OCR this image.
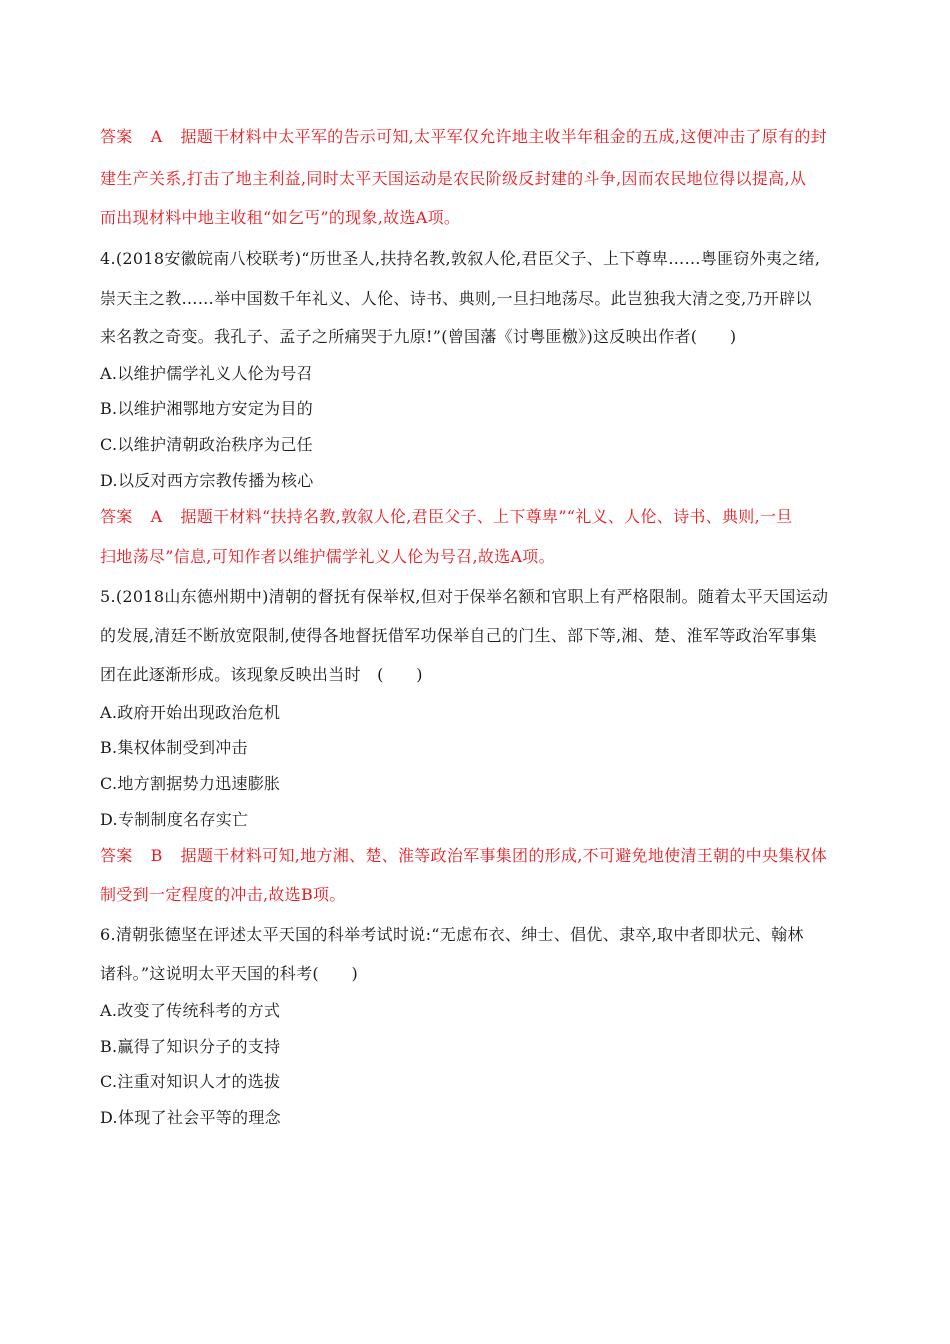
答案 A 据题干材料中太平军的告示可知,太平军仅允许地主收半年租金的五成,这便冲击了原有的封
建生产关系,打击了地主利益,同时太平天国运动是农民阶级反封建的斗争,因而农民地位得以提高,从
而出现材料中地主收租“如乞丐”的现象,故选A项。
4.(2018安徽皖南八校联考)“历世圣人,扶持名教,敦叙人伦,君臣父子、上下尊卑……粤匪窃外夷之绪,
崇天主之教……举中国数千年礼义、人伦、诗书、典则,一旦扫地荡尽。此岂独我大清之变,乃开辟以
来名教之奇变。我孔子、孟子之所痛哭于九原!”(曾国藩《讨粤匪檄》)这反映出作者(　　)
A.以维护儒学礼义人伦为号召
B.以维护湘鄂地方安定为目的
C.以维护清朝政治秩序为己任
D.以反对西方宗教传播为核心
答案 A 据题干材料“扶持名教,敦叙人伦,君臣父子、上下尊卑”“礼义、人伦、诗书、典则,一旦
扫地荡尽”信息,可知作者以维护儒学礼义人伦为号召,故选A项。
5.(2018山东德州期中)清朝的督抚有保举权,但对于保举名额和官职上有严格限制。随着太平天国运动
的发展,清廷不断放宽限制,使得各地督抚借军功保举自己的门生、部下等,湘、楚、淮军等政治军事集
团在此逐渐形成。该现象反映出当时　(　　)
A.政府开始出现政治危机
B.集权体制受到冲击
C.地方割据势力迅速膨胀
D.专制制度名存实亡
答案 B 据题干材料可知,地方湘、楚、淮等政治军事集团的形成,不可避免地使清王朝的中央集权体
制受到一定程度的冲击,故选B项。
6.清朝张德坚在评述太平天国的科举考试时说:“无虑布衣、绅士、倡优、隶卒,取中者即状元、翰林
诸科。”这说明太平天国的科考(　　)
A.改变了传统科考的方式
B.赢得了知识分子的支持
C.注重对知识人才的选拔
D.体现了社会平等的理念
